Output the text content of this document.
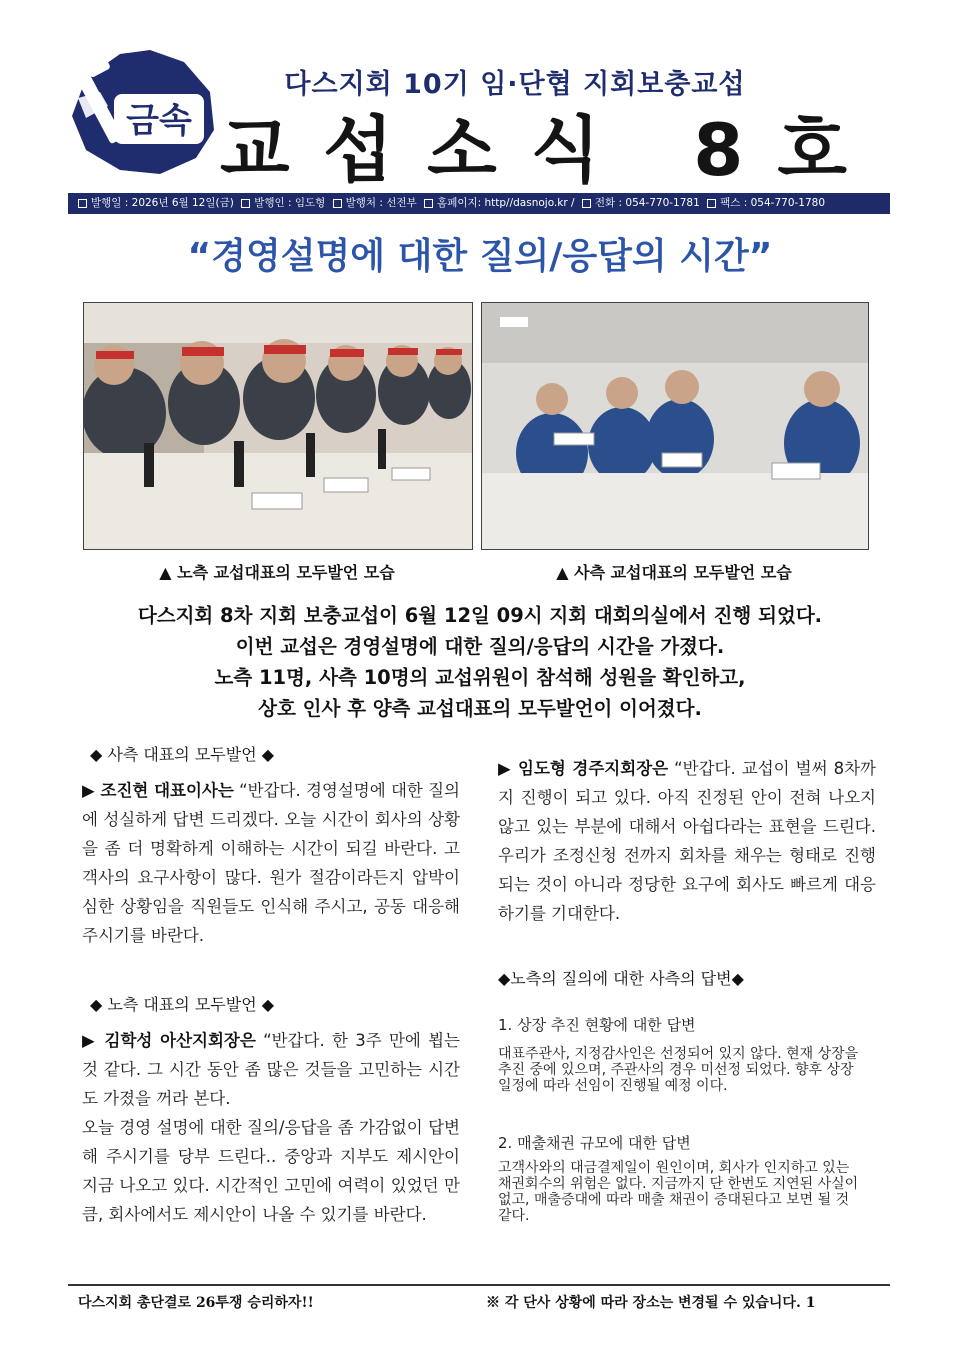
금속
다스지회 10기 임·단협 지회보충교섭
교섭소식 8호
발행일 : 2026년 6월 12일(금) 발행인 : 임도형 발행처 : 선전부 홈페이지: http//dasnojo.kr / 전화 : 054-770-1781 팩스 : 054-770-1780
“경영설명에 대한 질의/응답의 시간”
▲ 노측 교섭대표의 모두발언 모습	▲ 사측 교섭대표의 모두발언 모습
다스지회 8차 지회 보충교섭이 6월 12일 09시 지회 대회의실에서 진행 되었다.
이번 교섭은 경영설명에 대한 질의/응답의 시간을 가졌다.
노측 11명, 사측 10명의 교섭위원이 참석해 성원을 확인하고,
상호 인사 후 양측 교섭대표의 모두발언이 이어졌다.
◆ 사측 대표의 모두발언 ◆
▶ 조진현 대표이사는 “반갑다. 경영설명에 대한 질의에 성실하게 답변 드리겠다. 오늘 시간이 회사의 상황을 좀 더 명확하게 이해하는 시간이 되길 바란다. 고객사의 요구사항이 많다. 원가 절감이라든지 압박이 심한 상황임을 직원들도 인식해 주시고, 공동 대응해 주시기를 바란다.
◆ 노측 대표의 모두발언 ◆
▶ 김학성 아산지회장은 “반갑다. 한 3주 만에 뵙는 것 같다. 그 시간 동안 좀 많은 것들을 고민하는 시간도 가졌을 꺼라 본다.
오늘 경영 설명에 대한 질의/응답을 좀 가감없이 답변해 주시기를 당부 드린다.. 중앙과 지부도 제시안이 지금 나오고 있다. 시간적인 고민에 여력이 있었던 만큼, 회사에서도 제시안이 나올 수 있기를 바란다.
▶ 임도형 경주지회장은 “반갑다. 교섭이 벌써 8차까지 진행이 되고 있다. 아직 진정된 안이 전혀 나오지 않고 있는 부분에 대해서 아쉽다라는 표현을 드린다. 우리가 조정신청 전까지 회차를 채우는 형태로 진행되는 것이 아니라 정당한 요구에 회사도 빠르게 대응하기를 기대한다.
◆노측의 질의에 대한 사측의 답변◆
1. 상장 추진 현황에 대한 답변
대표주관사, 지정감사인은 선정되어 있지 않다. 현재 상장을 추진 중에 있으며, 주관사의 경우 미선정 되었다. 향후 상장 일정에 따라 선임이 진행될 예정 이다.
2. 매출채권 규모에 대한 답변
고객사와의 대금결제일이 원인이며, 회사가 인지하고 있는 채권회수의 위험은 없다. 지금까지 단 한번도 지연된 사실이 없고, 매출증대에 따라 매출 채권이 증대된다고 보면 될 것 같다.
다스지회 총단결로 26투쟁 승리하자!!	※ 각 단사 상황에 따라 장소는 변경될 수 있습니다. 1
